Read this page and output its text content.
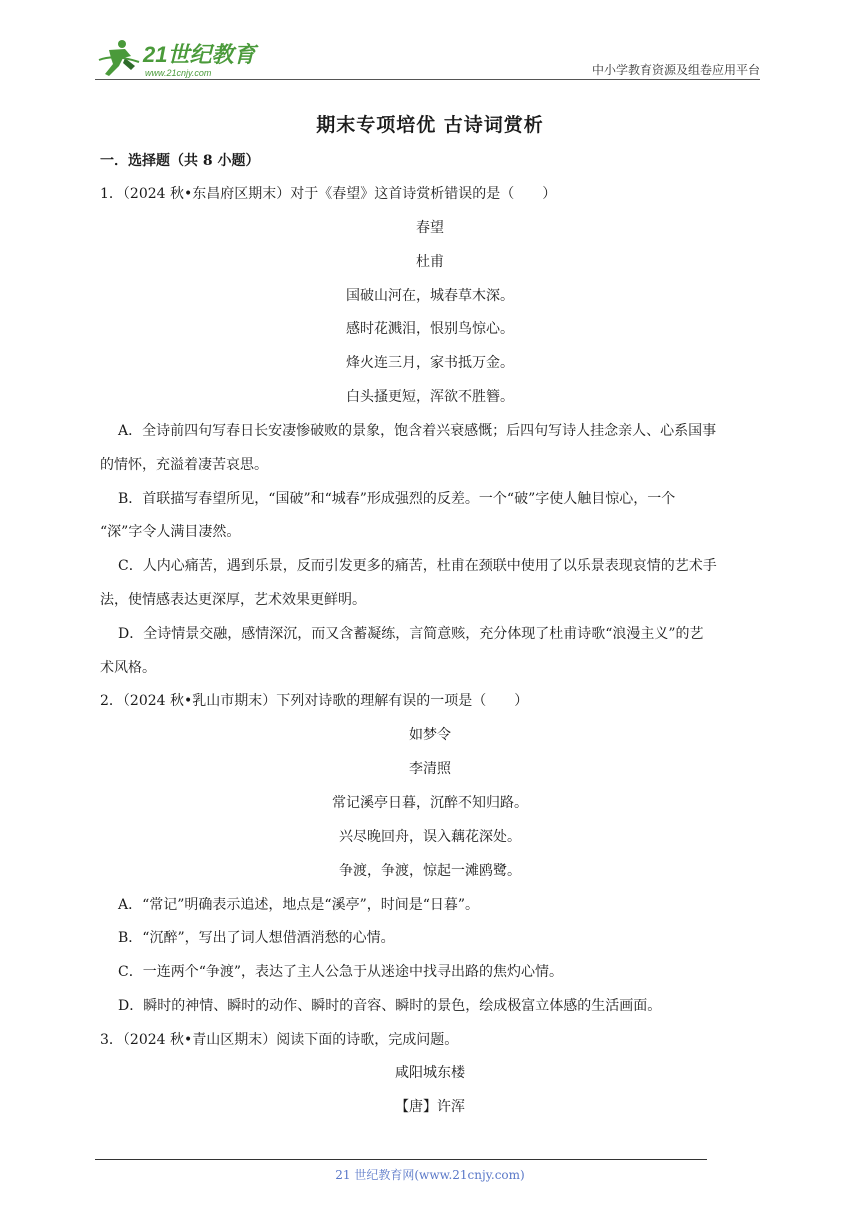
21世纪教育
www.21cnjy.com	中小学教育资源及组卷应用平台
期末专项培优 古诗词赏析
一．选择题（共 8 小题）
1．（2024 秋•东昌府区期末）对于《春望》这首诗赏析错误的是（　　）
春望
杜甫
国破山河在，城春草木深。
感时花溅泪，恨别鸟惊心。
烽火连三月，家书抵万金。
白头搔更短，浑欲不胜簪。
A．全诗前四句写春日长安凄惨破败的景象，饱含着兴衰感慨；后四句写诗人挂念亲人、心系国事
的情怀，充溢着凄苦哀思。
B．首联描写春望所见，“国破”和“城春”形成强烈的反差。一个“破”字使人触目惊心，一个
“深”字令人满目凄然。
C．人内心痛苦，遇到乐景，反而引发更多的痛苦，杜甫在颈联中使用了以乐景表现哀情的艺术手
法，使情感表达更深厚，艺术效果更鲜明。
D．全诗情景交融，感情深沉，而又含蓄凝练，言简意赅，充分体现了杜甫诗歌“浪漫主义”的艺
术风格。
2．（2024 秋•乳山市期末）下列对诗歌的理解有误的一项是（　　）
如梦令
李清照
常记溪亭日暮，沉醉不知归路。
兴尽晚回舟，误入藕花深处。
争渡，争渡，惊起一滩鸥鹭。
A．“常记”明确表示追述，地点是“溪亭”，时间是“日暮”。
B．“沉醉”，写出了词人想借酒消愁的心情。
C．一连两个“争渡”，表达了主人公急于从迷途中找寻出路的焦灼心情。
D．瞬时的神情、瞬时的动作、瞬时的音容、瞬时的景色，绘成极富立体感的生活画面。
3．（2024 秋•青山区期末）阅读下面的诗歌，完成问题。
咸阳城东楼
【唐】许浑
21 世纪教育网(www.21cnjy.com)
